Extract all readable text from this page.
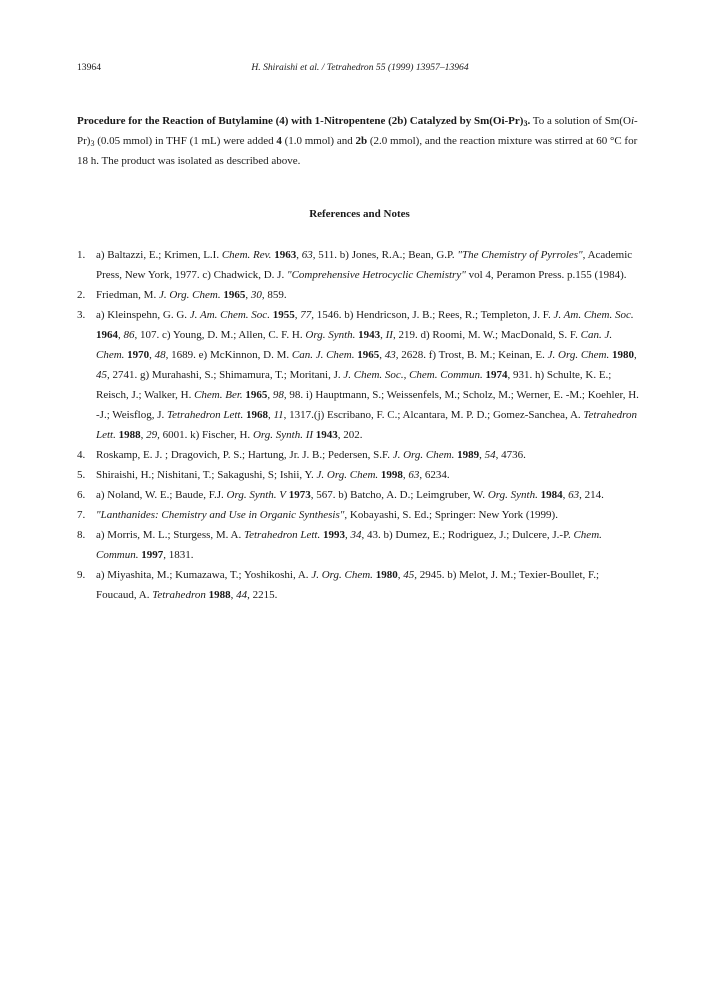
13964	H. Shiraishi et al. / Tetrahedron 55 (1999) 13957–13964
Procedure for the Reaction of Butylamine (4) with 1-Nitropentene (2b) Catalyzed by $Sm(Oi-Pr)_3$. To a solution of $Sm(Oi-Pr)_3$ (0.05 mmol) in THF (1 mL) were added 4 (1.0 mmol) and 2b (2.0 mmol), and the reaction mixture was stirred at 60 °C for 18 h. The product was isolated as described above.
References and Notes
1. a) Baltazzi, E.; Krimen, L.I. Chem. Rev. 1963, 63, 511. b) Jones, R.A.; Bean, G.P. "The Chemistry of Pyrroles", Academic Press, New York, 1977. c) Chadwick, D. J. "Comprehensive Hetrocyclic Chemistry" vol 4, Peramon Press. p.155 (1984).
2. Friedman, M. J. Org. Chem. 1965, 30, 859.
3. a) Kleinspehn, G. G. J. Am. Chem. Soc. 1955, 77, 1546. b) Hendricson, J. B.; Rees, R.; Templeton, J. F. J. Am. Chem. Soc. 1964, 86, 107. c) Young, D. M.; Allen, C. F. H. Org. Synth. 1943, II, 219. d) Roomi, M. W.; MacDonald, S. F. Can. J. Chem. 1970, 48, 1689. e) McKinnon, D. M. Can. J. Chem. 1965, 43, 2628. f) Trost, B. M.; Keinan, E. J. Org. Chem. 1980, 45, 2741. g) Murahashi, S.; Shimamura, T.; Moritani, J. J. Chem. Soc., Chem. Commun. 1974, 931. h) Schulte, K. E.; Reisch, J.; Walker, H. Chem. Ber. 1965, 98, 98. i) Hauptmann, S.; Weissenfels, M.; Scholz, M.; Werner, E. -M.; Koehler, H. -J.; Weisflog, J. Tetrahedron Lett. 1968, 11, 1317.(j) Escribano, F. C.; Alcantara, M. P. D.; Gomez-Sanchea, A. Tetrahedron Lett. 1988, 29, 6001. k) Fischer, H. Org. Synth. II 1943, 202.
4. Roskamp, E. J. ; Dragovich, P. S.; Hartung, Jr. J. B.; Pedersen, S.F. J. Org. Chem. 1989, 54, 4736.
5. Shiraishi, H.; Nishitani, T.; Sakagushi, S; Ishii, Y. J. Org. Chem. 1998, 63, 6234.
6. a) Noland, W. E.; Baude, F.J. Org. Synth. V 1973, 567. b) Batcho, A. D.; Leimgruber, W. Org. Synth. 1984, 63, 214.
7. "Lanthanides: Chemistry and Use in Organic Synthesis", Kobayashi, S. Ed.; Springer: New York (1999).
8. a) Morris, M. L.; Sturgess, M. A. Tetrahedron Lett. 1993, 34, 43. b) Dumez, E.; Rodriguez, J.; Dulcere, J.-P. Chem. Commun. 1997, 1831.
9. a) Miyashita, M.; Kumazawa, T.; Yoshikoshi, A. J. Org. Chem. 1980, 45, 2945. b) Melot, J. M.; Texier-Boullet, F.; Foucaud, A. Tetrahedron 1988, 44, 2215.
